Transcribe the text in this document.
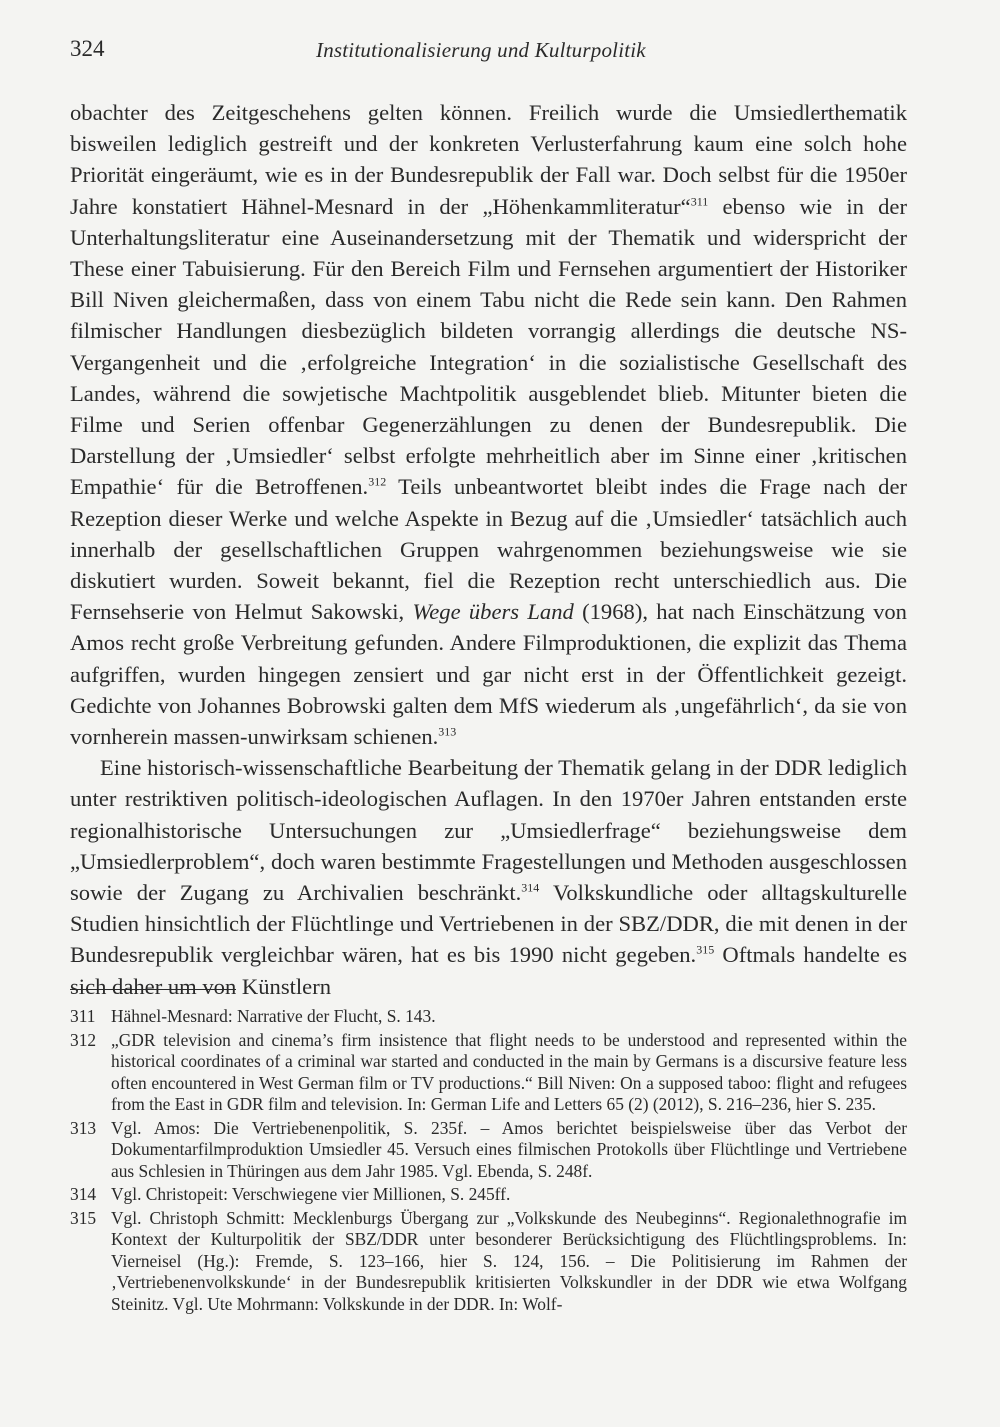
324	Institutionalisierung und Kulturpolitik

obachter des Zeitgeschehens gelten können. Freilich wurde die Umsiedlerthematik bisweilen lediglich gestreift und der konkreten Verlusterfahrung kaum eine solch hohe Priorität eingeräumt, wie es in der Bundesrepublik der Fall war. Doch selbst für die 1950er Jahre konstatiert Hähnel-Mesnard in der „Höhenkammliteratur“$^{311}$ ebenso wie in der Unterhaltungsliteratur eine Auseinandersetzung mit der Thematik und widerspricht der These einer Tabuisierung. Für den Bereich Film und Fernsehen argumentiert der Historiker Bill Niven gleichermaßen, dass von einem Tabu nicht die Rede sein kann. Den Rahmen filmischer Handlungen diesbezüglich bildeten vorrangig allerdings die deutsche NS-Vergangenheit und die ‚erfolgreiche Integration‘ in die sozialistische Gesellschaft des Landes, während die sowjetische Machtpolitik ausgeblendet blieb. Mitunter bieten die Filme und Serien offenbar Gegenerzählungen zu denen der Bundesrepublik. Die Darstellung der ‚Umsiedler‘ selbst erfolgte mehrheitlich aber im Sinne einer ‚kritischen Empathie‘ für die Betroffenen.$^{312}$ Teils unbeantwortet bleibt indes die Frage nach der Rezeption dieser Werke und welche Aspekte in Bezug auf die ‚Umsiedler‘ tatsächlich auch innerhalb der gesellschaftlichen Gruppen wahrgenommen beziehungsweise wie sie diskutiert wurden. Soweit bekannt, fiel die Rezeption recht unterschiedlich aus. Die Fernsehserie von Helmut Sakowski, Wege übers Land (1968), hat nach Einschätzung von Amos recht große Verbreitung gefunden. Andere Filmproduktionen, die explizit das Thema aufgriffen, wurden hingegen zensiert und gar nicht erst in der Öffentlichkeit gezeigt. Gedichte von Johannes Bobrowski galten dem MfS wiederum als ‚ungefährlich‘, da sie von vornherein massen-unwirksam schienen.$^{313}$

Eine historisch-wissenschaftliche Bearbeitung der Thematik gelang in der DDR lediglich unter restriktiven politisch-ideologischen Auflagen. In den 1970er Jahren entstanden erste regionalhistorische Untersuchungen zur „Umsiedlerfrage“ beziehungsweise dem „Umsiedlerproblem“, doch waren bestimmte Fragestellungen und Methoden ausgeschlossen sowie der Zugang zu Archivalien beschränkt.$^{314}$ Volkskundliche oder alltagskulturelle Studien hinsichtlich der Flüchtlinge und Vertriebenen in der SBZ/DDR, die mit denen in der Bundesrepublik vergleichbar wären, hat es bis 1990 nicht gegeben.$^{315}$ Oftmals handelte es sich daher um von Künstlern

311 Hähnel-Mesnard: Narrative der Flucht, S. 143.
312 „GDR television and cinema’s firm insistence that flight needs to be understood and represented within the historical coordinates of a criminal war started and conducted in the main by Germans is a discursive feature less often encountered in West German film or TV productions.“ Bill Niven: On a supposed taboo: flight and refugees from the East in GDR film and television. In: German Life and Letters 65 (2) (2012), S. 216–236, hier S. 235.
313 Vgl. Amos: Die Vertriebenenpolitik, S. 235f. – Amos berichtet beispielsweise über das Verbot der Dokumentarfilmproduktion Umsiedler 45. Versuch eines filmischen Protokolls über Flüchtlinge und Vertriebene aus Schlesien in Thüringen aus dem Jahr 1985. Vgl. Ebenda, S. 248f.
314 Vgl. Christopeit: Verschwiegene vier Millionen, S. 245ff.
315 Vgl. Christoph Schmitt: Mecklenburgs Übergang zur „Volkskunde des Neubeginns“. Regionalethnografie im Kontext der Kulturpolitik der SBZ/DDR unter besonderer Berücksichtigung des Flüchtlingsproblems. In: Vierneisel (Hg.): Fremde, S. 123–166, hier S. 124, 156. – Die Politisierung im Rahmen der ‚Vertriebenenvolkskunde‘ in der Bundesrepublik kritisierten Volkskundler in der DDR wie etwa Wolfgang Steinitz. Vgl. Ute Mohrmann: Volkskunde in der DDR. In: Wolf-
